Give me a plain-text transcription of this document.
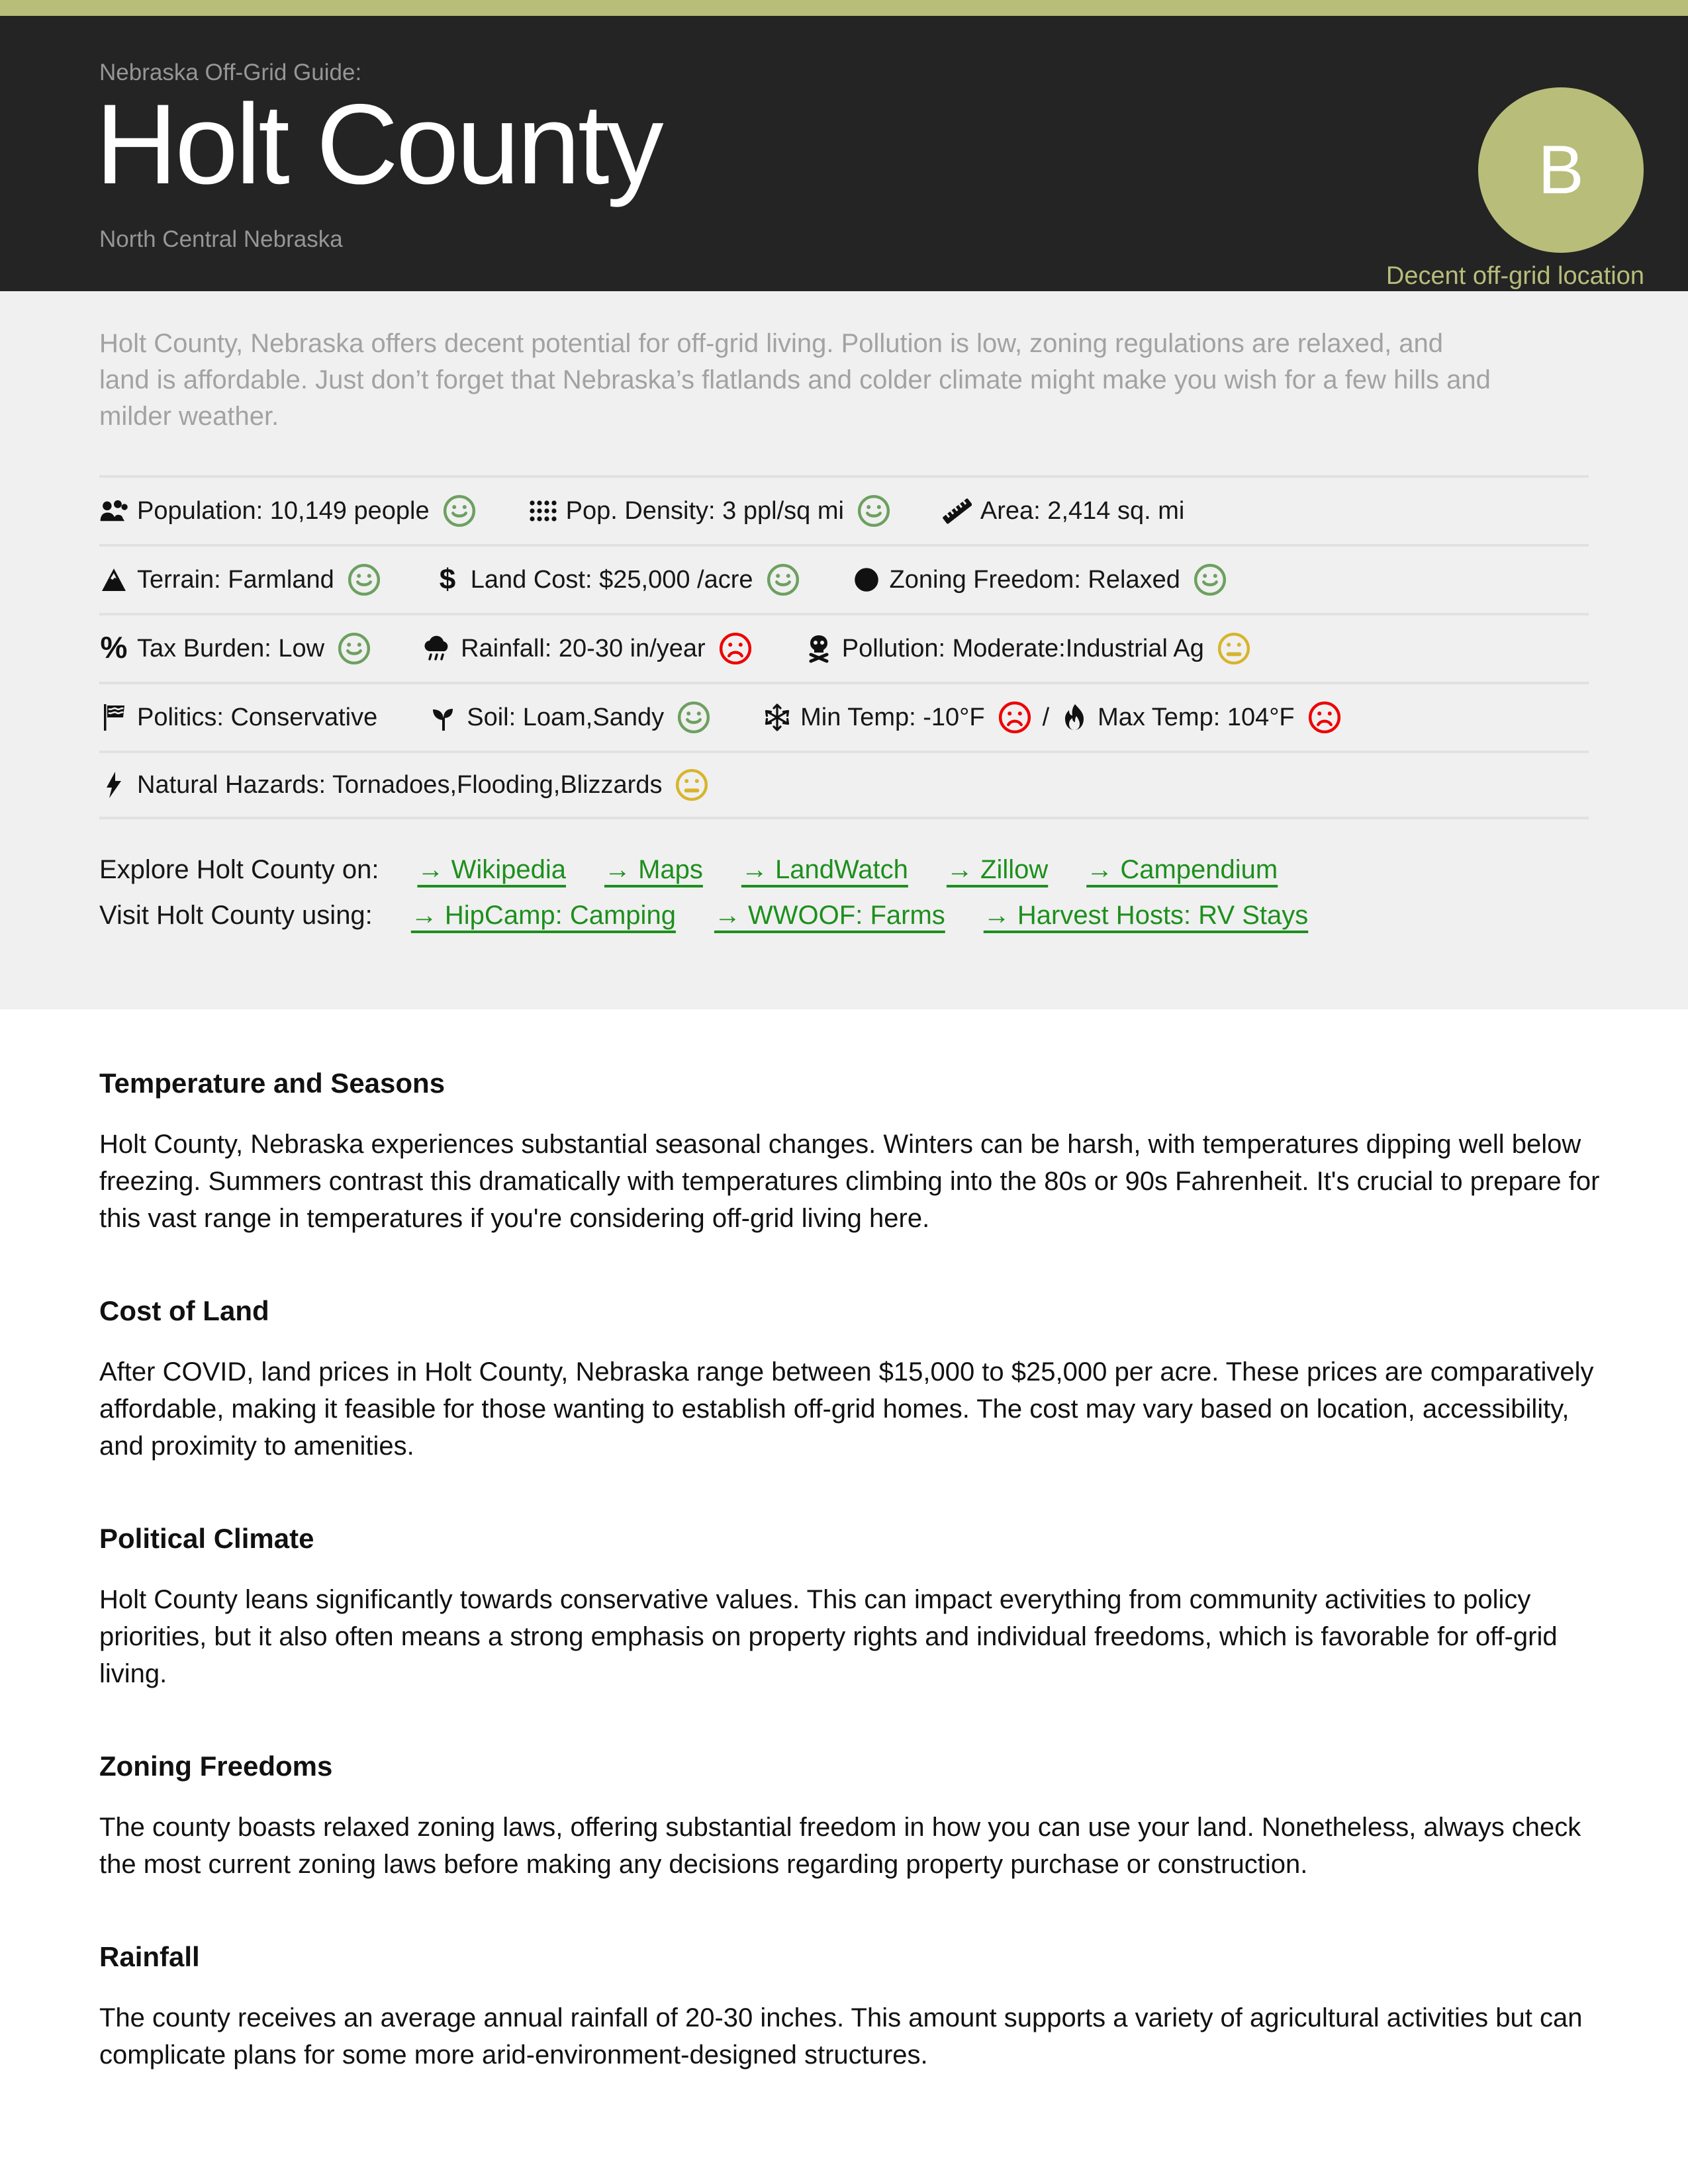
Nebraska Off-Grid Guide:
Holt County
North Central Nebraska
B
Decent off-grid location

Holt County, Nebraska offers decent potential for off-grid living. Pollution is low, zoning regulations are relaxed, and land is affordable. Just don’t forget that Nebraska’s flatlands and colder climate might make you wish for a few hills and milder weather.

Population: 10,149 people	Pop. Density: 3 ppl/sq mi	Area: 2,414 sq. mi
Terrain: Farmland	$ Land Cost: $25,000 /acre	Zoning Freedom: Relaxed
% Tax Burden: Low	Rainfall: 20-30 in/year	Pollution: Moderate:Industrial Ag
Politics: Conservative	Soil: Loam,Sandy	Min Temp: -10°F / Max Temp: 104°F
Natural Hazards: Tornadoes,Flooding,Blizzards
Explore Holt County on: → Wikipedia → Maps → LandWatch → Zillow → Campendium
Visit Holt County using: → HipCamp: Camping → WWOOF: Farms → Harvest Hosts: RV Stays
Temperature and Seasons

Holt County, Nebraska experiences substantial seasonal changes. Winters can be harsh, with temperatures dipping well below freezing. Summers contrast this dramatically with temperatures climbing into the 80s or 90s Fahrenheit. It's crucial to prepare for this vast range in temperatures if you're considering off-grid living here.

Cost of Land

After COVID, land prices in Holt County, Nebraska range between $15,000 to $25,000 per acre. These prices are comparatively affordable, making it feasible for those wanting to establish off-grid homes. The cost may vary based on location, accessibility, and proximity to amenities.

Political Climate

Holt County leans significantly towards conservative values. This can impact everything from community activities to policy priorities, but it also often means a strong emphasis on property rights and individual freedoms, which is favorable for off-grid living.

Zoning Freedoms

The county boasts relaxed zoning laws, offering substantial freedom in how you can use your land. Nonetheless, always check the most current zoning laws before making any decisions regarding property purchase or construction.

Rainfall

The county receives an average annual rainfall of 20-30 inches. This amount supports a variety of agricultural activities but can complicate plans for some more arid-environment-designed structures.
